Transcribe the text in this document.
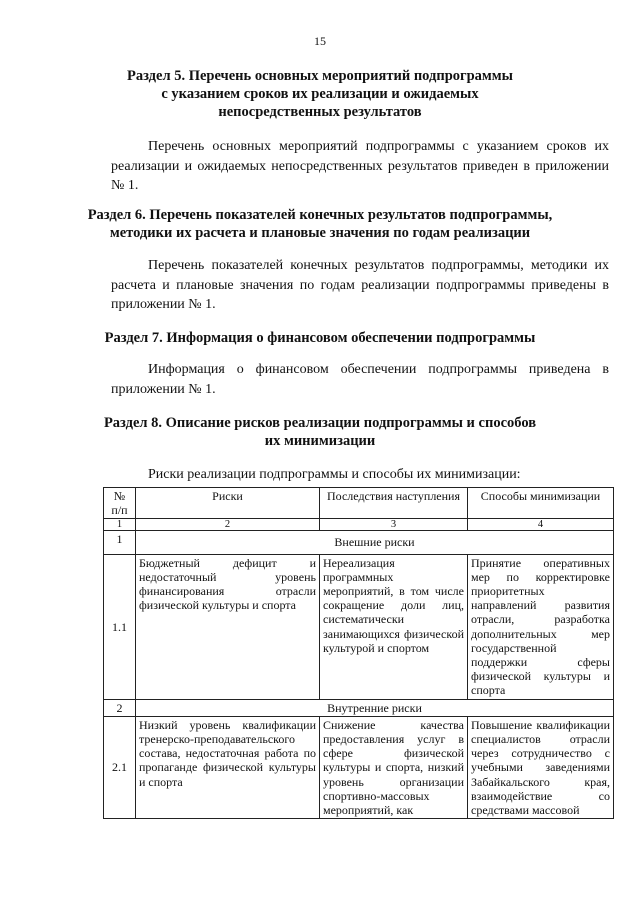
15
Раздел 5. Перечень основных мероприятий подпрограммы
с указанием сроков их реализации и ожидаемых
непосредственных результатов
Перечень основных мероприятий подпрограммы с указанием сроков их реализации и ожидаемых непосредственных результатов приведен в приложении № 1.
Раздел 6. Перечень показателей конечных результатов подпрограммы,
методики их расчета и плановые значения по годам реализации
Перечень показателей конечных результатов подпрограммы, методики их расчета и плановые значения по годам реализации подпрограммы приведены в приложении № 1.
Раздел 7. Информация о финансовом обеспечении подпрограммы
Информация о финансовом обеспечении подпрограммы приведена в приложении № 1.
Раздел 8. Описание рисков реализации подпрограммы и способов
их минимизации
Риски реализации подпрограммы и способы их минимизации:
№
п/п	Риски	Последствия наступления	Способы минимизации
1	2	3	4
1	Внешние риски		
1.1	Бюджетный дефицит и недостаточный уровень финансирования отрасли физической культуры и спорта	Нереализация программных мероприятий, в том числе сокращение доли лиц, систематически занимающихся физической культурой и спортом	Принятие оперативных мер по корректировке приоритетных направлений развития отрасли, разработка дополнительных мер государственной поддержки сферы физической культуры и спорта
2	Внутренние риски		
2.1	Низкий уровень квалификации тренерско-преподавательского состава, недостаточная работа по пропаганде физической культуры и спорта	Снижение качества предоставления услуг в сфере физической культуры и спорта, низкий уровень организации спортивно-массовых мероприятий, как	Повышение квалификации специалистов отрасли через сотрудничество с учебными заведениями Забайкальского края, взаимодействие со средствами массовой
